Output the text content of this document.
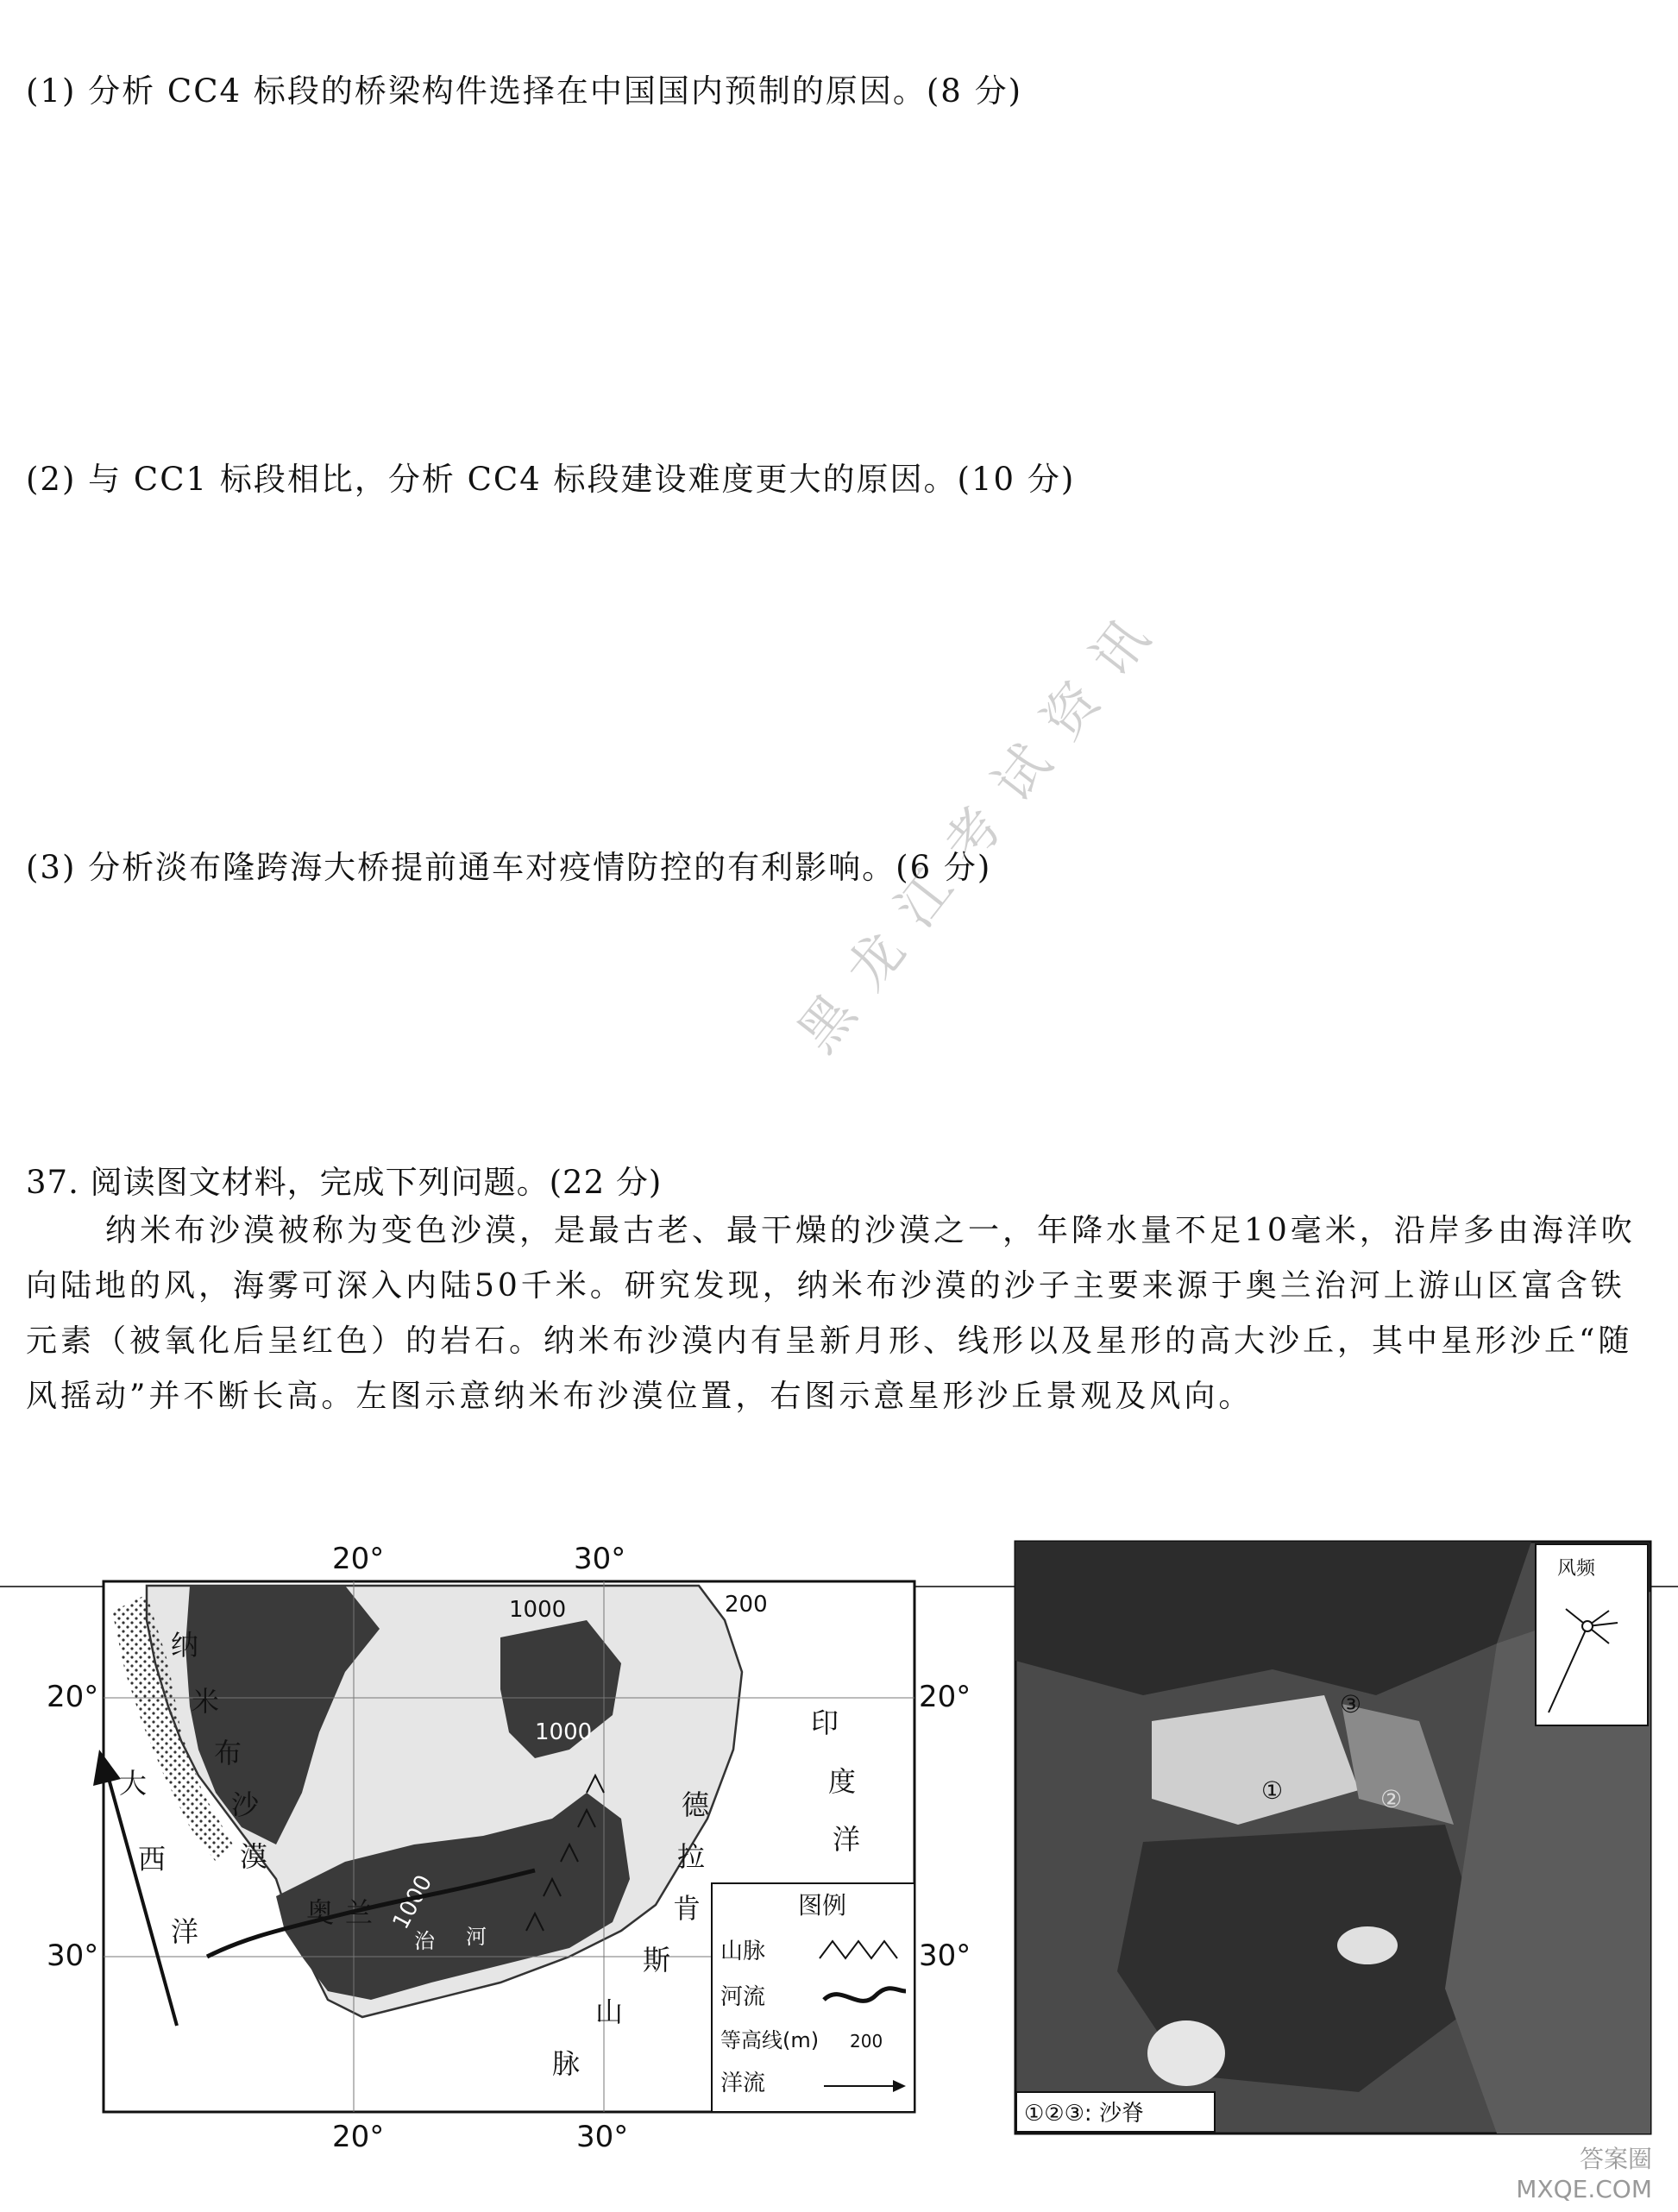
(1) 分析 CC4 标段的桥梁构件选择在中国国内预制的原因。(8 分)
(2) 与 CC1 标段相比，分析 CC4 标段建设难度更大的原因。(10 分)
(3) 分析淡布隆跨海大桥提前通车对疫情防控的有利影响。(6 分)
黑龙江考试资讯
37. 阅读图文材料，完成下列问题。(22 分)
纳米布沙漠被称为变色沙漠，是最古老、最干燥的沙漠之一，年降水量不足10毫米，沿岸多由海洋吹向陆地的风，海雾可深入内陆50千米。研究发现，纳米布沙漠的沙子主要来源于奥兰治河上游山区富含铁元素（被氧化后呈红色）的岩石。纳米布沙漠内有呈新月形、线形以及星形的高大沙丘，其中星形沙丘“随风摇动”并不断长高。左图示意纳米布沙漠位置，右图示意星形沙丘景观及风向。
20°	30°
1000
1000
1000
200
20°
30°
20°
30°
纳
米
布
沙
漠
大
西
洋
印
度
洋
奥 兰
治 河
德
拉
肯
斯
山
脉
图例
山脉
河流
等高线(m) 200
洋流
20°	30°
风频
③
①	②
①②③: 沙脊
答案圈
MXQE.COM
